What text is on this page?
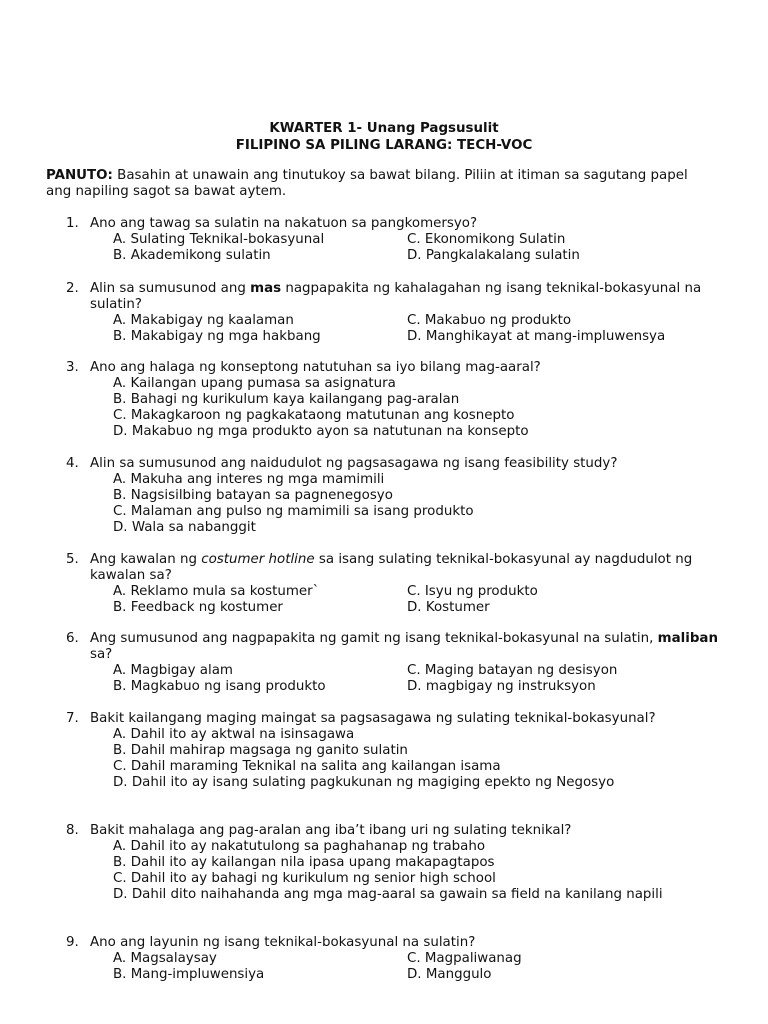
KWARTER 1- Unang Pagsusulit
FILIPINO SA PILING LARANG: TECH-VOC
PANUTO: Basahin at unawain ang tinutukoy sa bawat bilang. Piliin at itiman sa sagutang papel ang napiling sagot sa bawat aytem.
1. Ano ang tawag sa sulatin na nakatuon sa pangkomersyo?
A. Sulating Teknikal-bokasyunal	C. Ekonomikong Sulatin
B. Akademikong sulatin	D. Pangkalakalang sulatin
2. Alin sa sumusunod ang mas nagpapakita ng kahalagahan ng isang teknikal-bokasyunal na sulatin?
A. Makabigay ng kaalaman	C. Makabuo ng produkto
B. Makabigay ng mga hakbang	D. Manghikayat at mang-impluwensya
3. Ano ang halaga ng konseptong natutuhan sa iyo bilang mag-aaral?
A. Kailangan upang pumasa sa asignatura
B. Bahagi ng kurikulum kaya kailangang pag-aralan
C. Makagkaroon ng pagkakataong matutunan ang kosnepto
D. Makabuo ng mga produkto ayon sa natutunan na konsepto
4. Alin sa sumusunod ang naidudulot ng pagsasagawa ng isang feasibility study?
A. Makuha ang interes ng mga mamimili
B. Nagsisilbing batayan sa pagnenegosyo
C. Malaman ang pulso ng mamimili sa isang produkto
D. Wala sa nabanggit
5. Ang kawalan ng costumer hotline sa isang sulating teknikal-bokasyunal ay nagdudulot ng kawalan sa?
A. Reklamo mula sa kostumer`	C. Isyu ng produkto
B. Feedback ng kostumer	D. Kostumer
6. Ang sumusunod ang nagpapakita ng gamit ng isang teknikal-bokasyunal na sulatin, maliban sa?
A. Magbigay alam	C. Maging batayan ng desisyon
B. Magkabuo ng isang produkto	D. magbigay ng instruksyon
7. Bakit kailangang maging maingat sa pagsasagawa ng sulating teknikal-bokasyunal?
A. Dahil ito ay aktwal na isinsagawa
B. Dahil mahirap magsaga ng ganito sulatin
C. Dahil maraming Teknikal na salita ang kailangan isama
D. Dahil ito ay isang sulating pagkukunan ng magiging epekto ng Negosyo
8. Bakit mahalaga ang pag-aralan ang iba’t ibang uri ng sulating teknikal?
A. Dahil ito ay nakatutulong sa paghahanap ng trabaho
B. Dahil ito ay kailangan nila ipasa upang makapagtapos
C. Dahil ito ay bahagi ng kurikulum ng senior high school
D. Dahil dito naihahanda ang mga mag-aaral sa gawain sa field na kanilang napili
9. Ano ang layunin ng isang teknikal-bokasyunal na sulatin?
A. Magsalaysay	C. Magpaliwanag
B. Mang-impluwensiya	D. Manggulo
